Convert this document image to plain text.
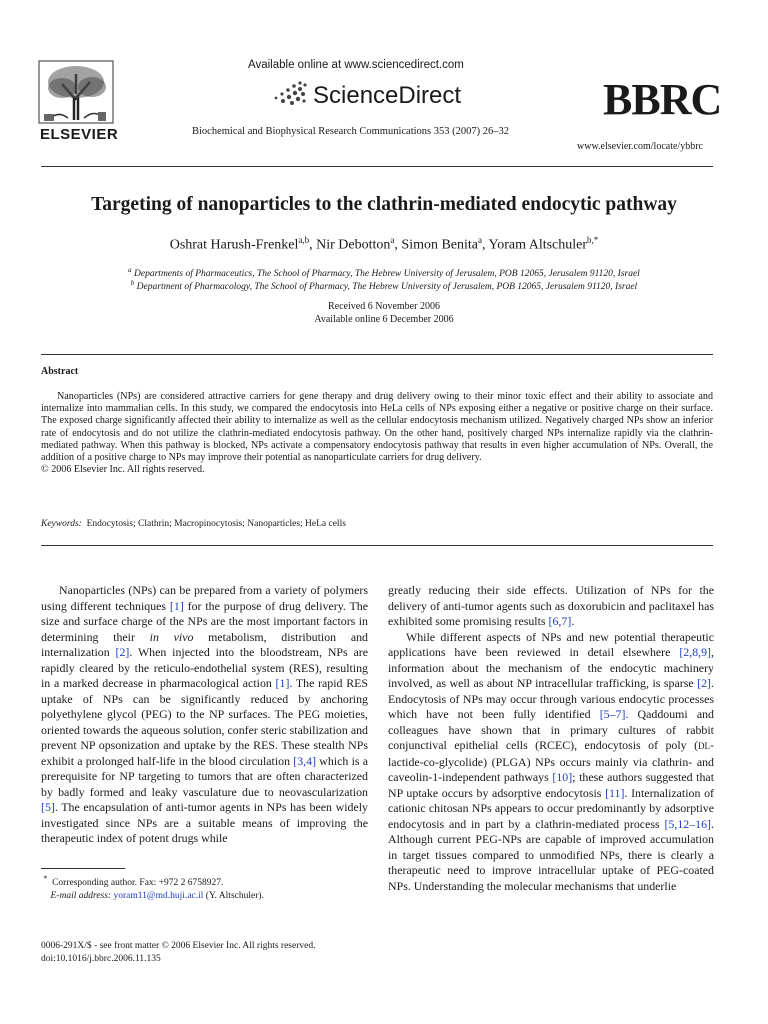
ELSEVIER
Available online at www.sciencedirect.com
ScienceDirect
Biochemical and Biophysical Research Communications 353 (2007) 26–32
BBRC
www.elsevier.com/locate/ybbrc
Targeting of nanoparticles to the clathrin-mediated endocytic pathway
Oshrat Harush-Frenkel$^{a,b}$, Nir Debotton$^a$, Simon Benita$^a$, Yoram Altschuler$^{b,*}$
$^a$ Departments of Pharmaceutics, The School of Pharmacy, The Hebrew University of Jerusalem, POB 12065, Jerusalem 91120, Israel
$^b$ Department of Pharmacology, The School of Pharmacy, The Hebrew University of Jerusalem, POB 12065, Jerusalem 91120, Israel
Received 6 November 2006
Available online 6 December 2006
Abstract

Nanoparticles (NPs) are considered attractive carriers for gene therapy and drug delivery owing to their minor toxic effect and their ability to associate and internalize into mammalian cells. In this study, we compared the endocytosis into HeLa cells of NPs exposing either a negative or positive charge on their surface. The exposed charge significantly affected their ability to internalize as well as the cellular endocytosis mechanism utilized. Negatively charged NPs show an inferior rate of endocytosis and do not utilize the clathrin-mediated endocytosis pathway. On the other hand, positively charged NPs internalize rapidly via the clathrin-mediated pathway. When this pathway is blocked, NPs activate a compensatory endocytosis pathway that results in even higher accumulation of NPs. Overall, the addition of a positive charge to NPs may improve their potential as nanoparticulate carriers for drug delivery.

© 2006 Elsevier Inc. All rights reserved.

Keywords: Endocytosis; Clathrin; Macropinocytosis; Nanoparticles; HeLa cells

Nanoparticles (NPs) can be prepared from a variety of polymers using different techniques [1] for the purpose of drug delivery. The size and surface charge of the NPs are the most important factors in determining their in vivo metabolism, distribution and internalization [2]. When injected into the bloodstream, NPs are rapidly cleared by the reticulo-endothelial system (RES), resulting in a marked decrease in pharmacological action [1]. The rapid RES uptake of NPs can be significantly reduced by anchoring polyethylene glycol (PEG) to the NP surfaces. The PEG moieties, oriented towards the aqueous solution, confer steric stabilization and prevent NP opsonization and uptake by the RES. These stealth NPs exhibit a prolonged half-life in the blood circulation [3,4] which is a prerequisite for NP targeting to tumors that are often characterized by badly formed and leaky vasculature due to neovascularization [5]. The encapsulation of anti-tumor agents in NPs has been widely investigated since NPs are a suitable means of improving the therapeutic index of potent drugs while

greatly reducing their side effects. Utilization of NPs for the delivery of anti-tumor agents such as doxorubicin and paclitaxel has exhibited some promising results [6,7].

While different aspects of NPs and new potential therapeutic applications have been reviewed in detail elsewhere [2,8,9], information about the mechanism of the endocytic machinery involved, as well as about NP intracellular trafficking, is sparse [2]. Endocytosis of NPs may occur through various endocytic processes which have not been fully identified [5–7]. Qaddoumi and colleagues have shown that in primary cultures of rabbit conjunctival epithelial cells (RCEC), endocytosis of poly (DL-lactide-co-glycolide) (PLGA) NPs occurs mainly via clathrin- and caveolin-1-independent pathways [10]; these authors suggested that NP uptake occurs by adsorptive endocytosis [11]. Internalization of cationic chitosan NPs appears to occur predominantly by adsorptive endocytosis and in part by a clathrin-mediated process [5,12–16]. Although current PEG-NPs are capable of improved accumulation in target tissues compared to unmodified NPs, there is clearly a therapeutic need to improve intracellular uptake of PEG-coated NPs. Understanding the molecular mechanisms that underlie

* Corresponding author. Fax: +972 2 6758927.
E-mail address: yoram11@md.huji.ac.il (Y. Altschuler).
0006-291X/$ - see front matter © 2006 Elsevier Inc. All rights reserved.
doi:10.1016/j.bbrc.2006.11.135
